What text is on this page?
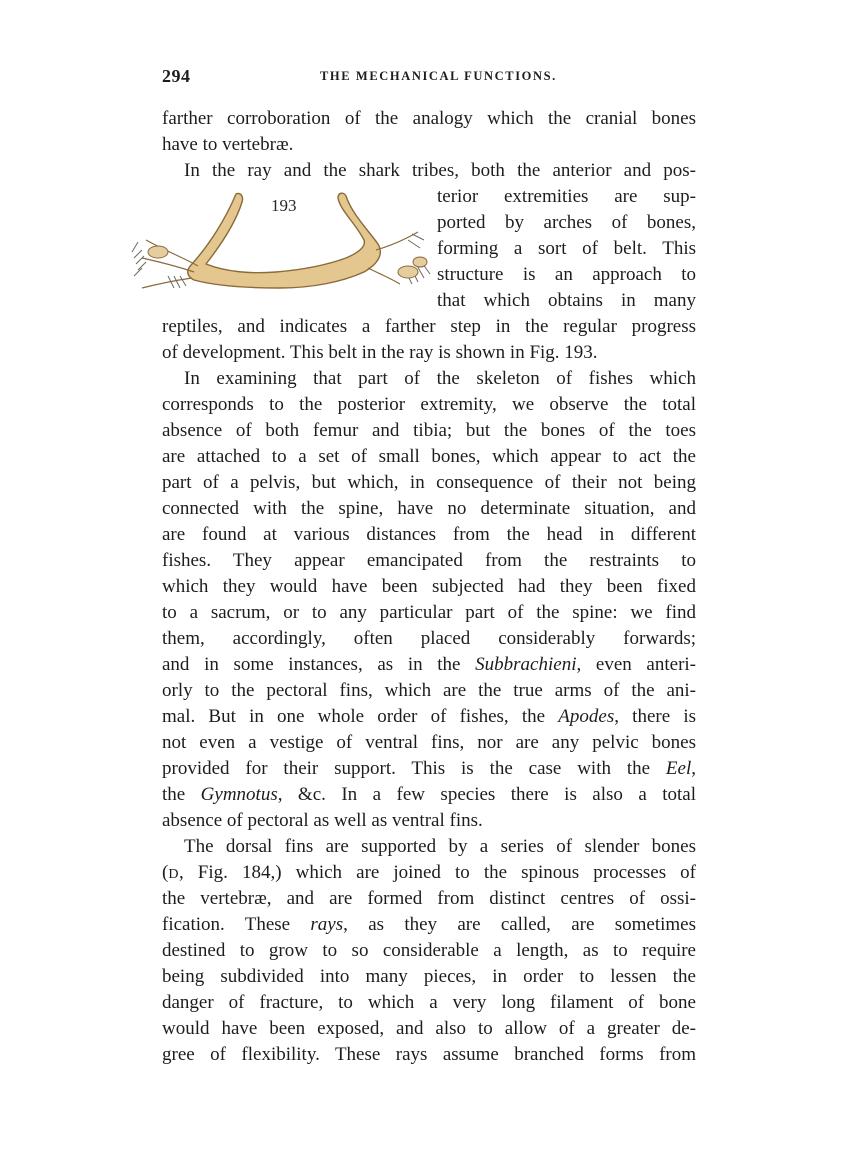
294	THE MECHANICAL FUNCTIONS.
193
farther corroboration of the analogy which the cranial bones
have to vertebræ.
In the ray and the shark tribes, both the anterior and pos-
terior extremities are sup-
ported by arches of bones,
forming a sort of belt. This
structure is an approach to
that which obtains in many
reptiles, and indicates a farther step in the regular progress
of development. This belt in the ray is shown in Fig. 193.
In examining that part of the skeleton of fishes which
corresponds to the posterior extremity, we observe the total
absence of both femur and tibia; but the bones of the toes
are attached to a set of small bones, which appear to act the
part of a pelvis, but which, in consequence of their not being
connected with the spine, have no determinate situation, and
are found at various distances from the head in different
fishes. They appear emancipated from the restraints to
which they would have been subjected had they been fixed
to a sacrum, or to any particular part of the spine: we find
them, accordingly, often placed considerably forwards;
and in some instances, as in the Subbrachieni, even anteri-
orly to the pectoral fins, which are the true arms of the ani-
mal. But in one whole order of fishes, the Apodes, there is
not even a vestige of ventral fins, nor are any pelvic bones
provided for their support. This is the case with the Eel,
the Gymnotus, &c. In a few species there is also a total
absence of pectoral as well as ventral fins.
The dorsal fins are supported by a series of slender bones
(D, Fig. 184,) which are joined to the spinous processes of
the vertebræ, and are formed from distinct centres of ossi-
fication. These rays, as they are called, are sometimes
destined to grow to so considerable a length, as to require
being subdivided into many pieces, in order to lessen the
danger of fracture, to which a very long filament of bone
would have been exposed, and also to allow of a greater de-
gree of flexibility. These rays assume branched forms from
